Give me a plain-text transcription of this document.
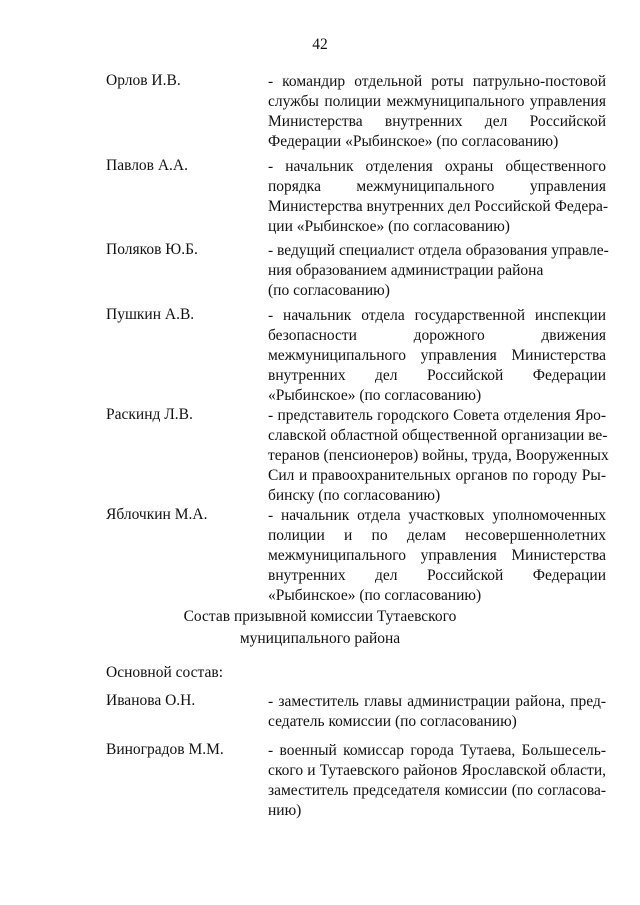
42
Орлов И.В.	- командир отдельной роты патрульно-постовой
службы полиции межмуниципального управления
Министерства внутренних дел Российской
Федерации «Рыбинское» (по согласованию)
Павлов А.А.	- начальник отделения охраны общественного
порядка межмуниципального управления
Министерства внутренних дел Российской Федера-
ции «Рыбинское» (по согласованию)
Поляков Ю.Б.	- ведущий специалист отдела образования управле-
ния образованием администрации района
(по согласованию)
Пушкин А.В.	- начальник отдела государственной инспекции
безопасности дорожного движения
межмуниципального управления Министерства
внутренних дел Российской Федерации
«Рыбинское» (по согласованию)
Раскинд Л.В.	- представитель городского Совета отделения Яро-
славской областной общественной организации ве-
теранов (пенсионеров) войны, труда, Вооруженных
Сил и правоохранительных органов по городу Ры-
бинску (по согласованию)
Яблочкин М.А.	- начальник отдела участковых уполномоченных
полиции и по делам несовершеннолетних
межмуниципального управления Министерства
внутренних дел Российской Федерации
«Рыбинское» (по согласованию)
Состав призывной комиссии Тутаевского
муниципального района
Основной состав:
Иванова О.Н.	- заместитель главы администрации района, пред-
седатель комиссии (по согласованию)
Виноградов М.М.	- военный комиссар города Тутаева, Большесель-
ского и Тутаевского районов Ярославской области,
заместитель председателя комиссии (по согласова-
нию)
